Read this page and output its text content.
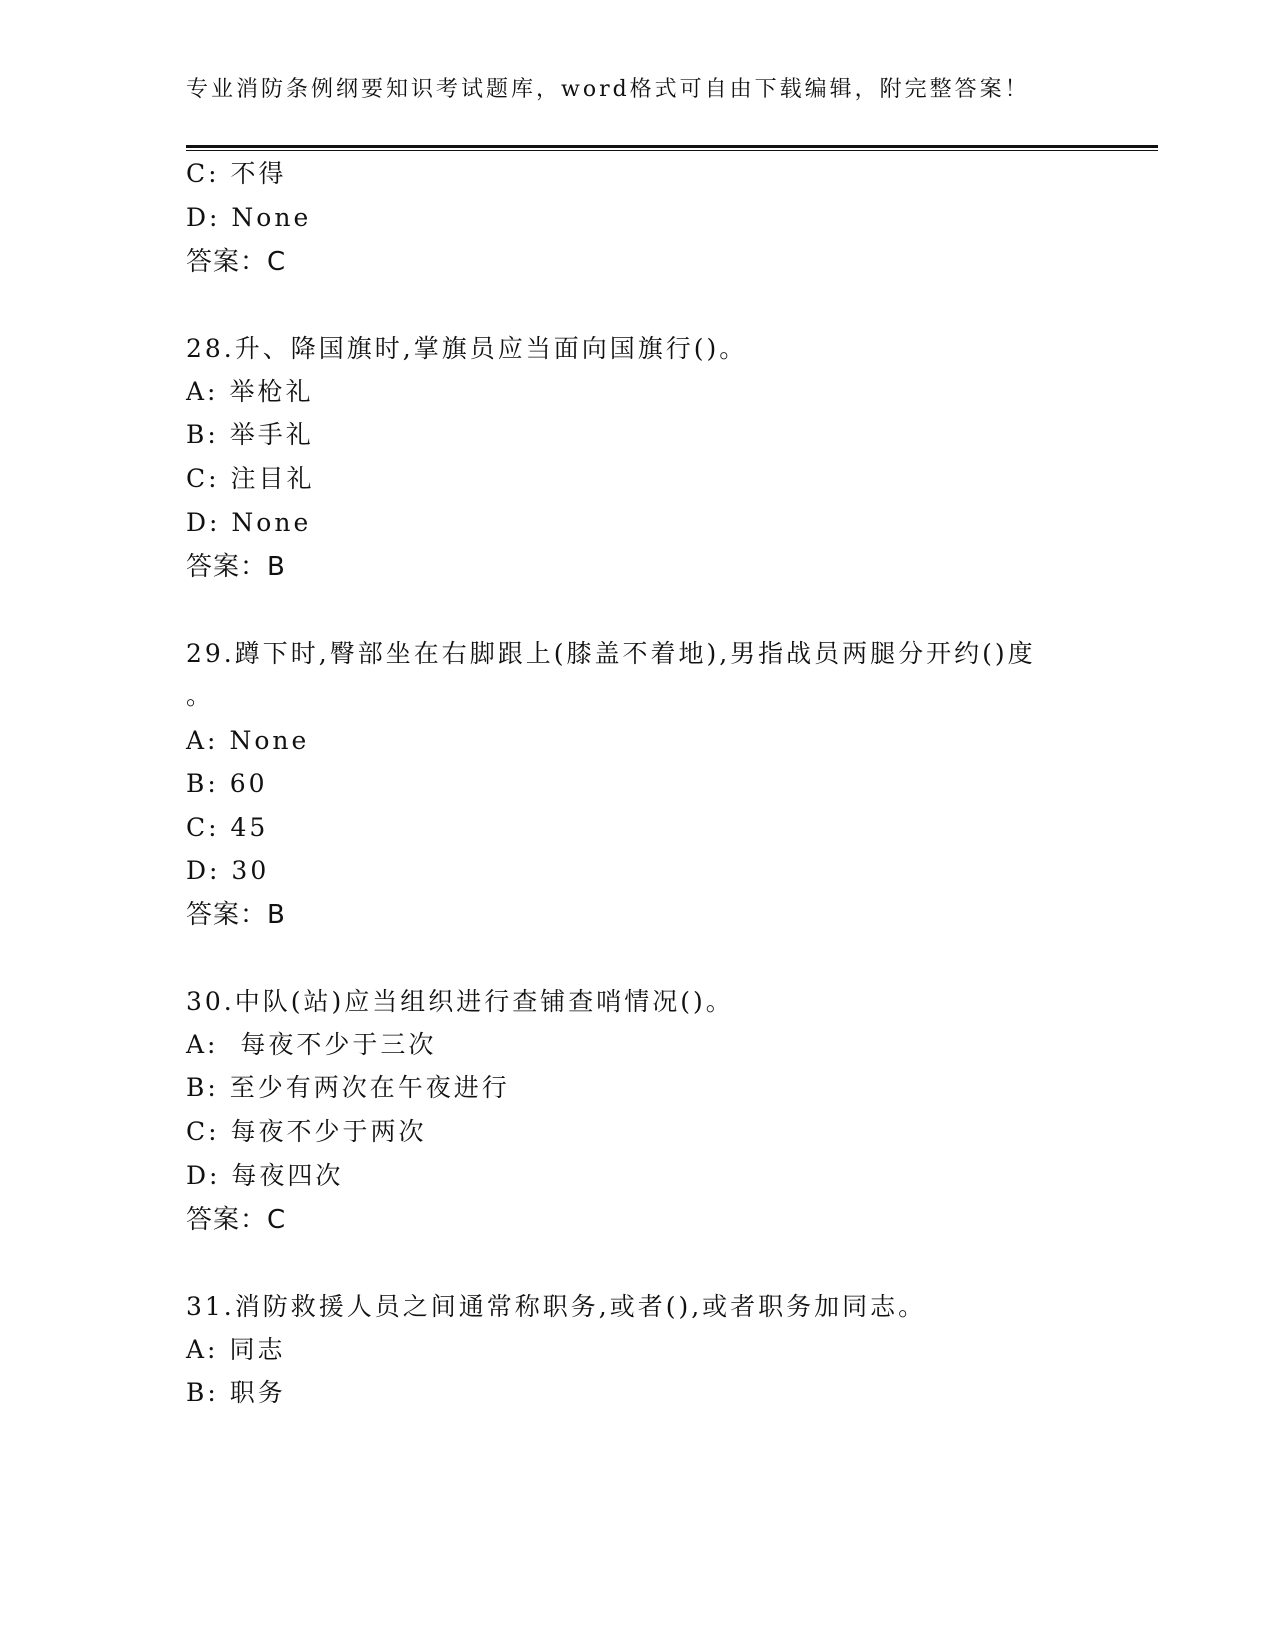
专业消防条例纲要知识考试题库，word格式可自由下载编辑，附完整答案！
C: 不得
D: None
答案：C
28.升、降国旗时,掌旗员应当面向国旗行()。
A: 举枪礼
B: 举手礼
C: 注目礼
D: None
答案：B
29.蹲下时,臀部坐在右脚跟上(膝盖不着地),男指战员两腿分开约()度
。
A: None
B: 60
C: 45
D: 30
答案：B
30.中队(站)应当组织进行查铺查哨情况()。
A:  每夜不少于三次
B: 至少有两次在午夜进行
C: 每夜不少于两次
D: 每夜四次
答案：C
31.消防救援人员之间通常称职务,或者(),或者职务加同志。
A: 同志
B: 职务
